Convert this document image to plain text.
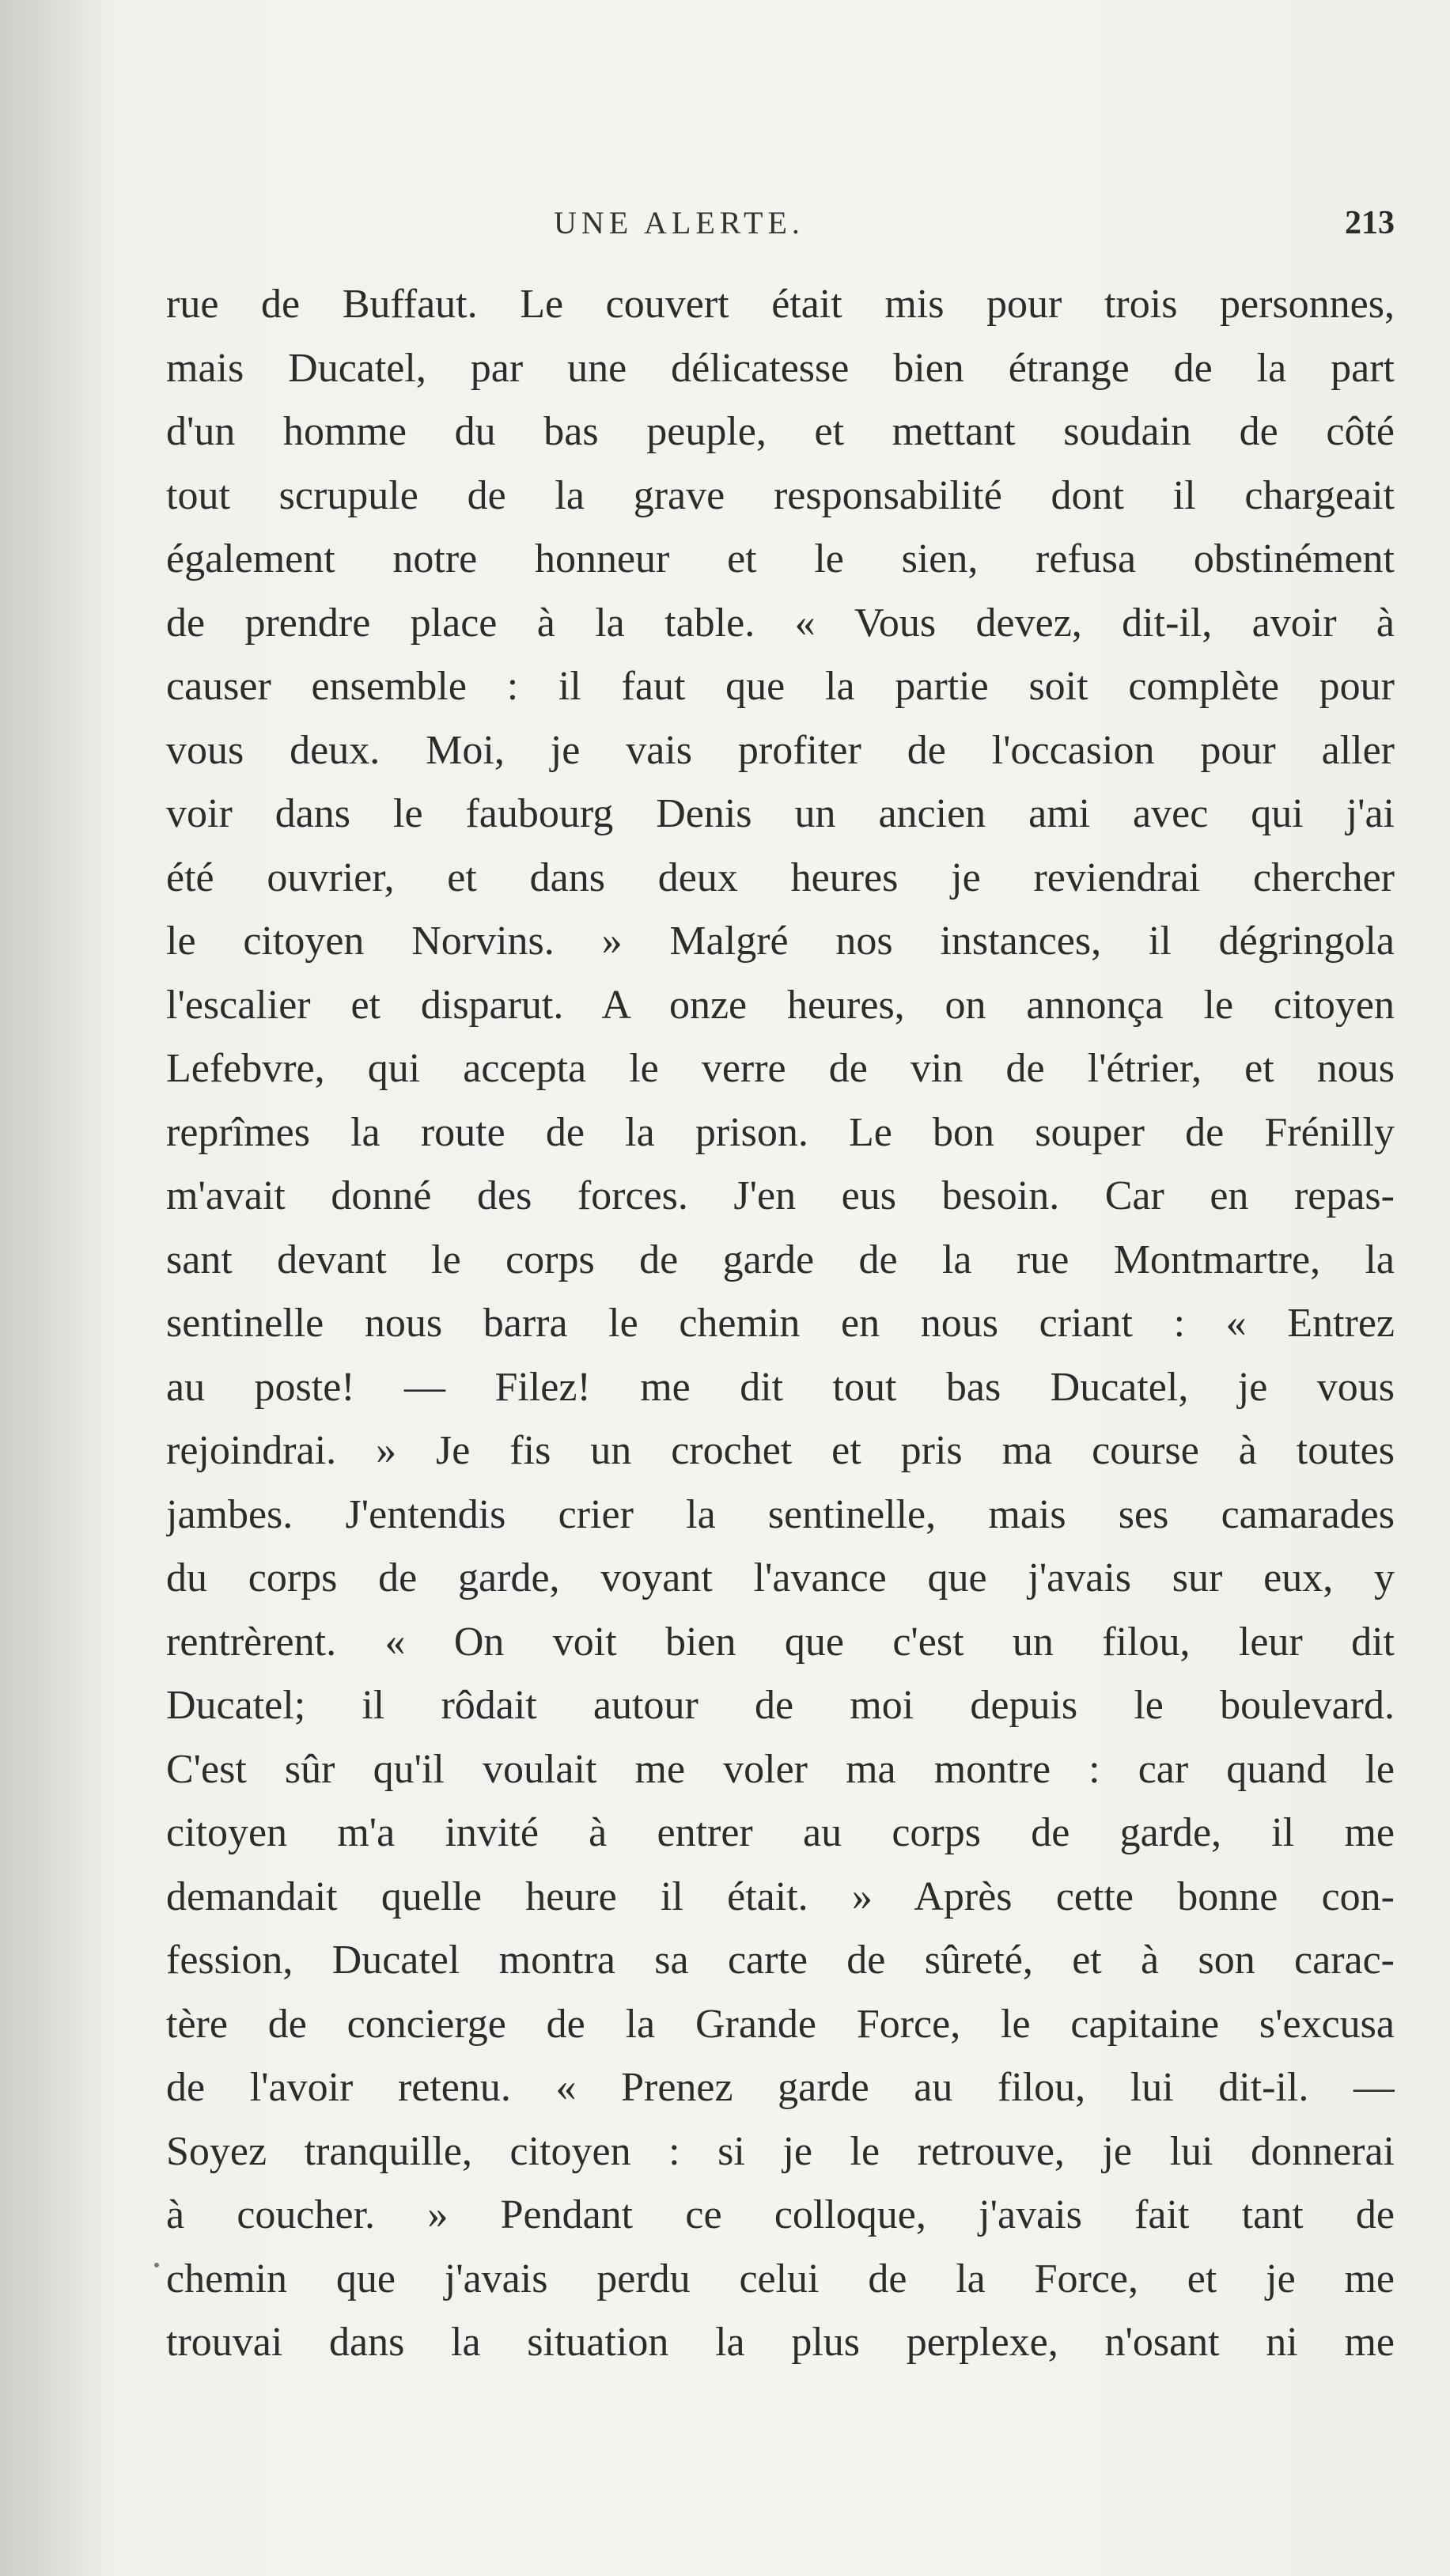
UNE ALERTE.	213
rue de Buffaut. Le couvert était mis pour trois personnes,
mais Ducatel, par une délicatesse bien étrange de la part
d'un homme du bas peuple, et mettant soudain de côté
tout scrupule de la grave responsabilité dont il chargeait
également notre honneur et le sien, refusa obstinément
de prendre place à la table. « Vous devez, dit-il, avoir à
causer ensemble : il faut que la partie soit complète pour
vous deux. Moi, je vais profiter de l'occasion pour aller
voir dans le faubourg Denis un ancien ami avec qui j'ai
été ouvrier, et dans deux heures je reviendrai chercher
le citoyen Norvins. » Malgré nos instances, il dégringola
l'escalier et disparut. A onze heures, on annonça le citoyen
Lefebvre, qui accepta le verre de vin de l'étrier, et nous
reprîmes la route de la prison. Le bon souper de Frénilly
m'avait donné des forces. J'en eus besoin. Car en repas-
sant devant le corps de garde de la rue Montmartre, la
sentinelle nous barra le chemin en nous criant : « Entrez
au poste! — Filez! me dit tout bas Ducatel, je vous
rejoindrai. » Je fis un crochet et pris ma course à toutes
jambes. J'entendis crier la sentinelle, mais ses camarades
du corps de garde, voyant l'avance que j'avais sur eux, y
rentrèrent. « On voit bien que c'est un filou, leur dit
Ducatel; il rôdait autour de moi depuis le boulevard.
C'est sûr qu'il voulait me voler ma montre : car quand le
citoyen m'a invité à entrer au corps de garde, il me
demandait quelle heure il était. » Après cette bonne con-
fession, Ducatel montra sa carte de sûreté, et à son carac-
tère de concierge de la Grande Force, le capitaine s'excusa
de l'avoir retenu. « Prenez garde au filou, lui dit-il. —
Soyez tranquille, citoyen : si je le retrouve, je lui donnerai
à coucher. » Pendant ce colloque, j'avais fait tant de
chemin que j'avais perdu celui de la Force, et je me
trouvai dans la situation la plus perplexe, n'osant ni me
